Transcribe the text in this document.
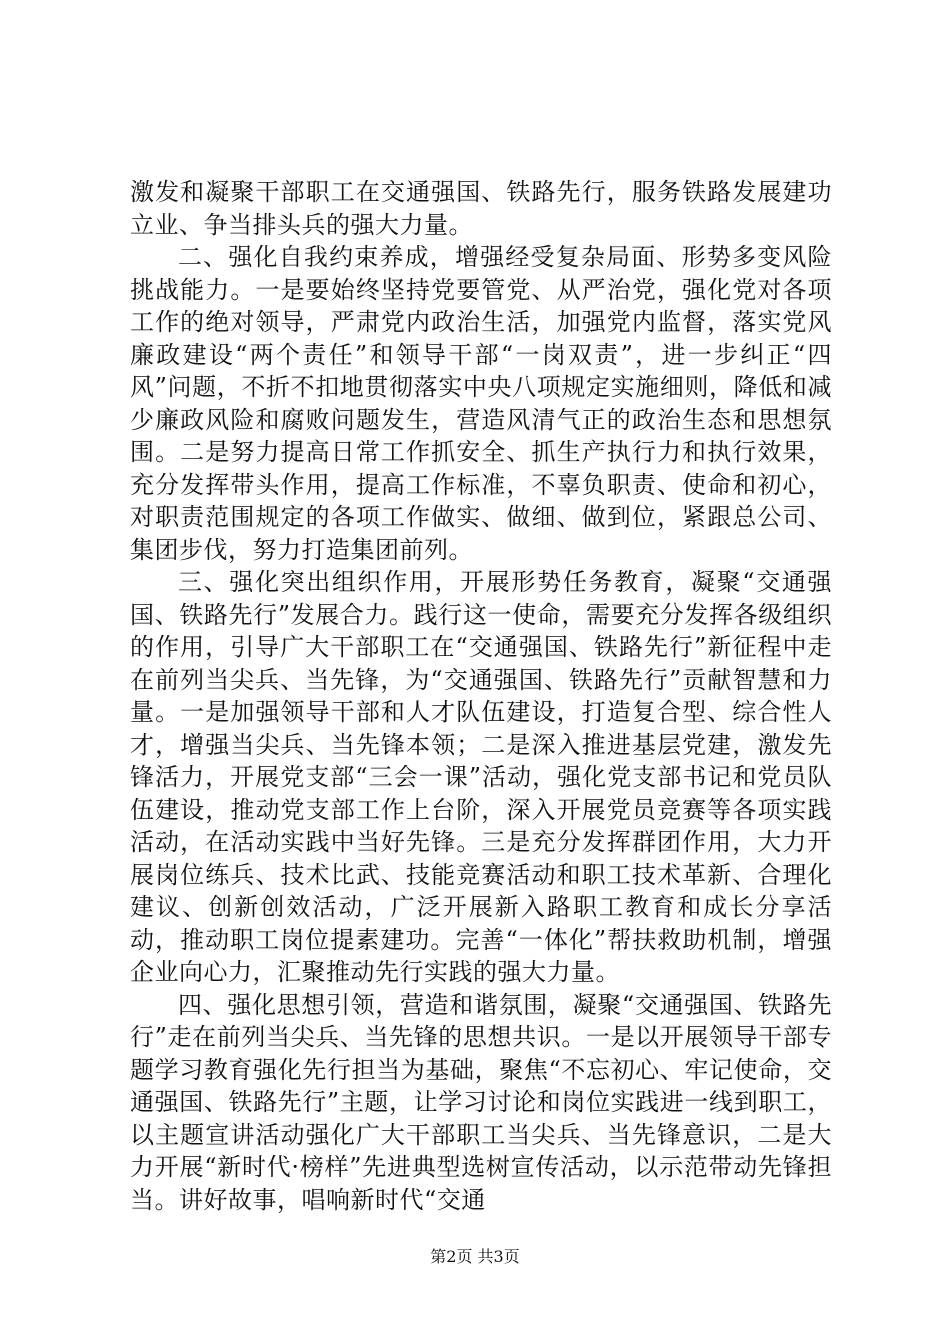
激发和凝聚干部职工在交通强国、铁路先行，服务铁路发展建功立业、争当排头兵的强大力量。

二、强化自我约束养成，增强经受复杂局面、形势多变风险挑战能力。一是要始终坚持党要管党、从严治党，强化党对各项工作的绝对领导，严肃党内政治生活，加强党内监督，落实党风廉政建设“两个责任”和领导干部“一岗双责”，进一步纠正“四风”问题，不折不扣地贯彻落实中央八项规定实施细则，降低和减少廉政风险和腐败问题发生，营造风清气正的政治生态和思想氛围。二是努力提高日常工作抓安全、抓生产执行力和执行效果，充分发挥带头作用，提高工作标准，不辜负职责、使命和初心，对职责范围规定的各项工作做实、做细、做到位，紧跟总公司、集团步伐，努力打造集团前列。

三、强化突出组织作用，开展形势任务教育，凝聚“交通强国、铁路先行”发展合力。践行这一使命，需要充分发挥各级组织的作用，引导广大干部职工在“交通强国、铁路先行”新征程中走在前列当尖兵、当先锋，为“交通强国、铁路先行”贡献智慧和力量。一是加强领导干部和人才队伍建设，打造复合型、综合性人才，增强当尖兵、当先锋本领；二是深入推进基层党建，激发先锋活力，开展党支部“三会一课”活动，强化党支部书记和党员队伍建设，推动党支部工作上台阶，深入开展党员竞赛等各项实践活动，在活动实践中当好先锋。三是充分发挥群团作用，大力开展岗位练兵、技术比武、技能竞赛活动和职工技术革新、合理化建议、创新创效活动，广泛开展新入路职工教育和成长分享活动，推动职工岗位提素建功。完善“一体化”帮扶救助机制，增强企业向心力，汇聚推动先行实践的强大力量。

四、强化思想引领，营造和谐氛围，凝聚“交通强国、铁路先行”走在前列当尖兵、当先锋的思想共识。一是以开展领导干部专题学习教育强化先行担当为基础，聚焦“不忘初心、牢记使命，交通强国、铁路先行”主题，让学习讨论和岗位实践进一线到职工，以主题宣讲活动强化广大干部职工当尖兵、当先锋意识，二是大力开展“新时代·榜样”先进典型选树宣传活动，以示范带动先锋担当。讲好故事，唱响新时代“交通

第2页 共3页
